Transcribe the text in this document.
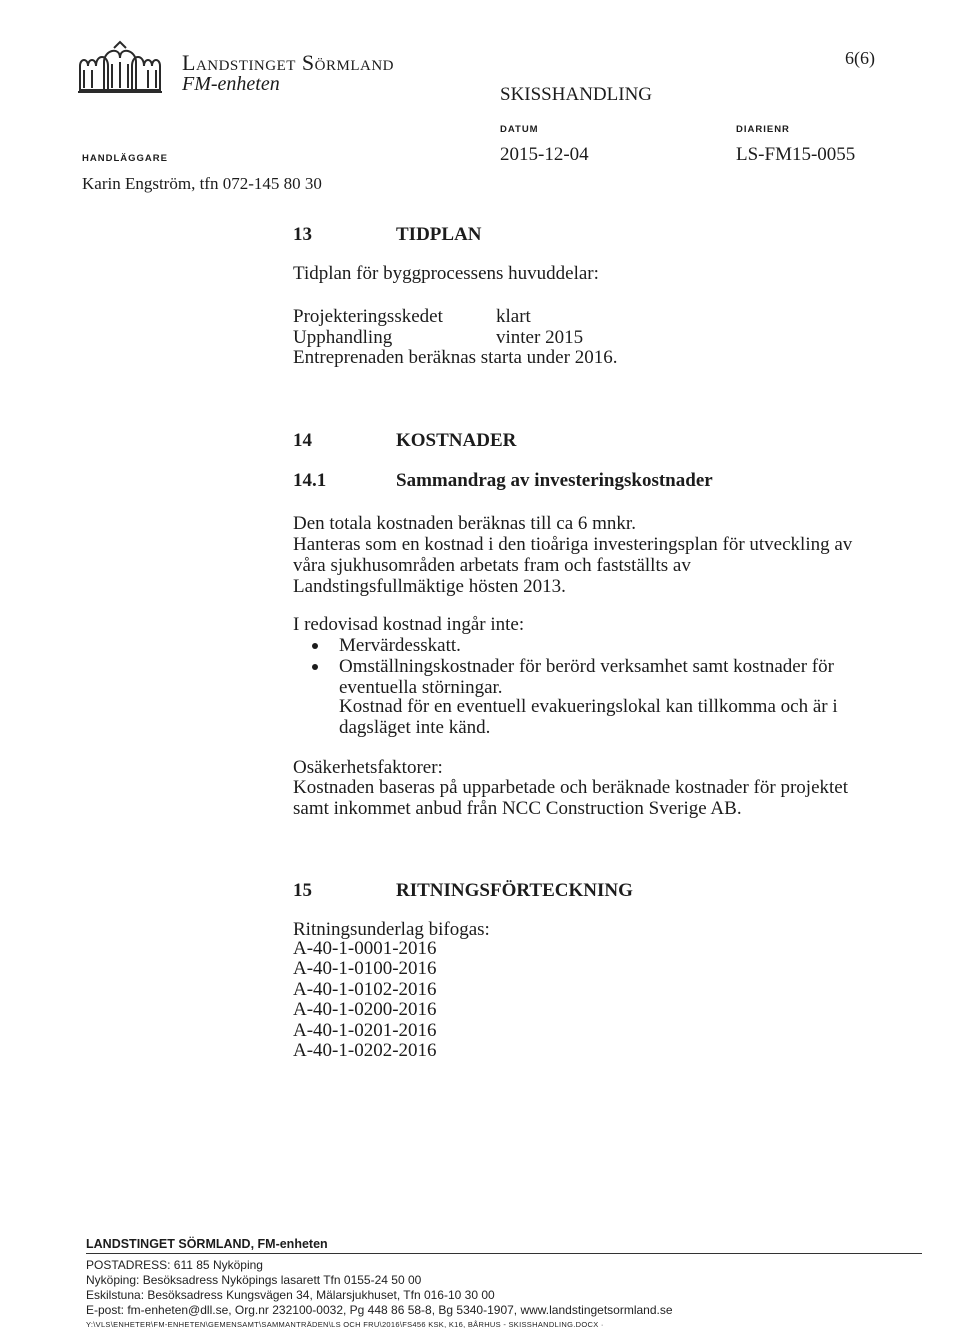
Landstinget Sörmland
FM-enheten
6(6)
SKISSHANDLING
DATUM
2015-12-04
DIARIENR
LS-FM15-0055
HANDLÄGGARE
Karin Engström, tfn 072-145 80 30
13	TIDPLAN
Tidplan för byggprocessens huvuddelar:
Projekteringsskedet	klart
Upphandling	vinter 2015
Entreprenaden beräknas starta under 2016.
14	KOSTNADER
14.1	Sammandrag av investeringskostnader
Den totala kostnaden beräknas till ca 6 mnkr.
Hanteras som en kostnad i den tioåriga investeringsplan för utveckling av våra sjukhusområden arbetats fram och fastställts av Landstingsfullmäktige hösten 2013.
I redovisad kostnad ingår inte:
Mervärdesskatt.
Omställningskostnader för berörd verksamhet samt kostnader för eventuella störningar.
Kostnad för en eventuell evakueringslokal kan tillkomma och är i dagsläget inte känd.
Osäkerhetsfaktorer:
Kostnaden baseras på upparbetade och beräknade kostnader för projektet samt inkommet anbud från NCC Construction Sverige AB.
15	RITNINGSFÖRTECKNING
Ritningsunderlag bifogas:
A-40-1-0001-2016
A-40-1-0100-2016
A-40-1-0102-2016
A-40-1-0200-2016
A-40-1-0201-2016
A-40-1-0202-2016
LANDSTINGET SÖRMLAND, FM-enheten
POSTADRESS: 611 85 Nyköping
Nyköping: Besöksadress Nyköpings lasarett Tfn 0155-24 50 00
Eskilstuna: Besöksadress Kungsvägen 34, Mälarsjukhuset, Tfn 016-10 30 00
E-post: fm-enheten@dll.se, Org.nr 232100-0032, Pg 448 86 58-8, Bg 5340-1907, www.landstingetsormland.se
Y:\VLS\ENHETER\FM-ENHETEN\GEMENSAMT\SAMMANTRÄDEN\LS OCH FRU\2016\FS456 KSK, K16, BÅRHUS - SKISSHANDLING.DOCX ·
